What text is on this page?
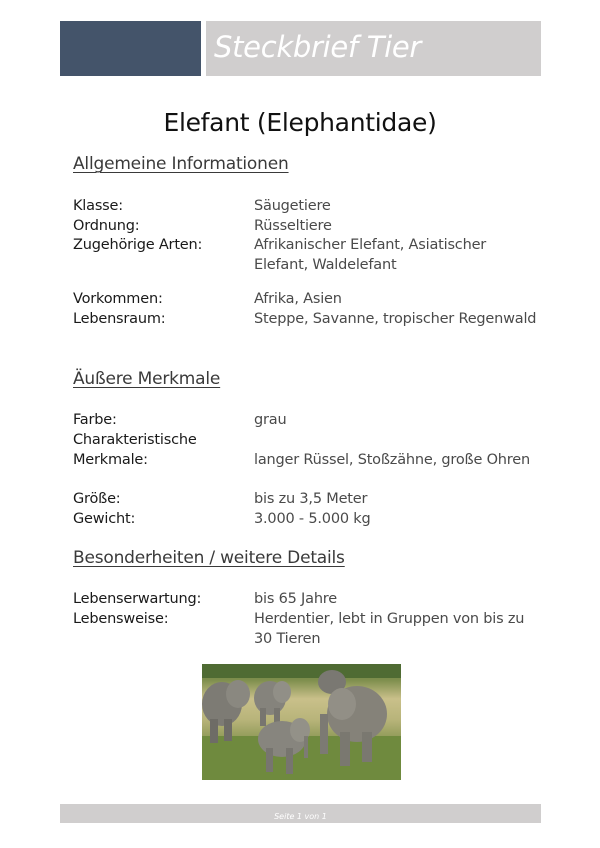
Steckbrief Tier
Elefant (Elephantidae)
Allgemeine Informationen
Klasse:	Säugetiere
Ordnung:	Rüsseltiere
Zugehörige Arten:	Afrikanischer Elefant, Asiatischer Elefant, Waldelefant
Vorkommen:	Afrika, Asien
Lebensraum:	Steppe, Savanne, tropischer Regenwald
Äußere Merkmale
Farbe:	grau
Charakteristische Merkmale:	langer Rüssel, Stoßzähne, große Ohren
Größe:	bis zu 3,5 Meter
Gewicht:	3.000 - 5.000 kg
Besonderheiten / weitere Details
Lebenserwartung:	bis 65 Jahre
Lebensweise:	Herdentier, lebt in Gruppen von bis zu 30 Tieren
Seite 1 von 1
